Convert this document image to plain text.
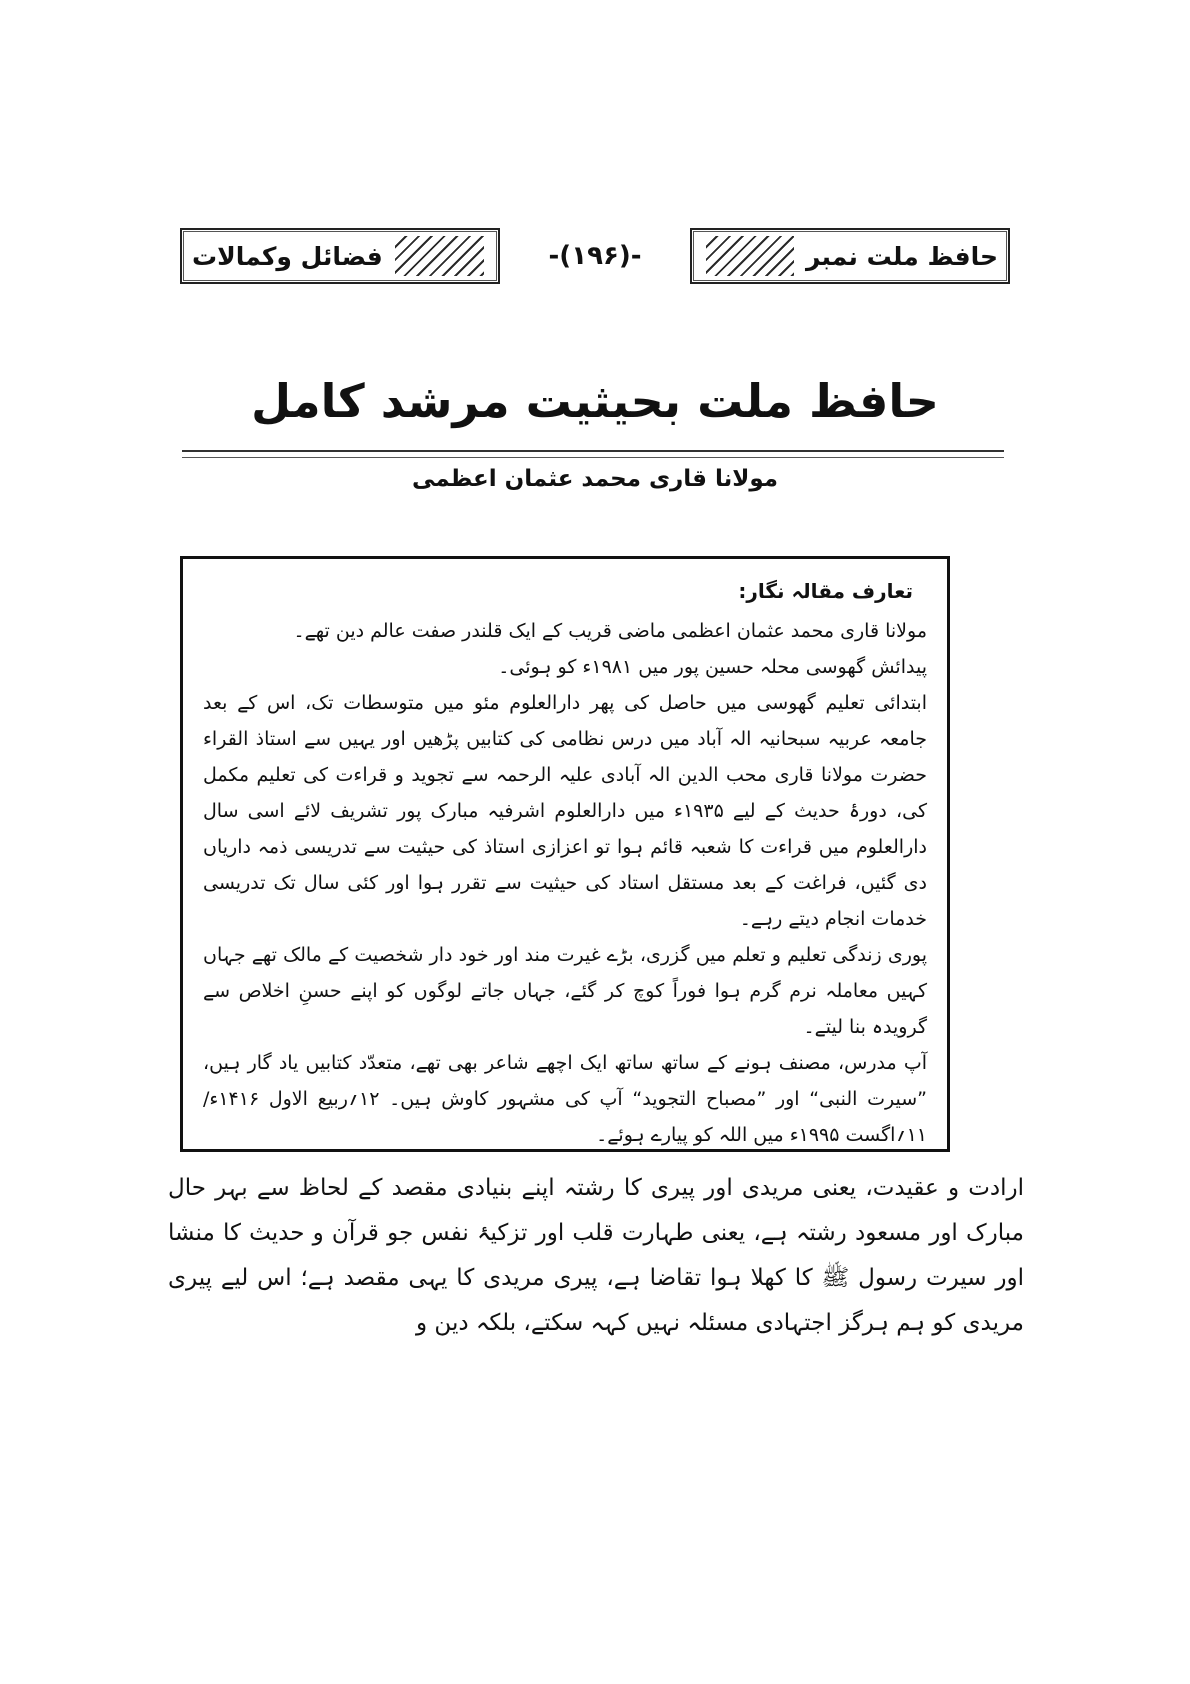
حافظ ملت نمبر
-(۱۹۶)-
فضائل وکمالات
حافظ ملت بحیثیت مرشد کامل
مولانا قاری محمد عثمان اعظمی
تعارف مقالہ نگار:

مولانا قاری محمد عثمان اعظمی ماضی قریب کے ایک قلندر صفت عالم دین تھے۔

پیدائش گھوسی محلہ حسین پور میں ۱۹۸۱ء کو ہوئی۔

ابتدائی تعلیم گھوسی میں حاصل کی پھر دارالعلوم مئو میں متوسطات تک، اس کے بعد جامعہ عربیہ سبحانیہ الہ آباد میں درس نظامی کی کتابیں پڑھیں اور یہیں سے استاذ القراء حضرت مولانا قاری محب الدین الہ آبادی علیہ الرحمہ سے تجوید و قراءت کی تعلیم مکمل کی، دورۂ حدیث کے لیے ۱۹۳۵ء میں دارالعلوم اشرفیہ مبارک پور تشریف لائے اسی سال دارالعلوم میں قراءت کا شعبہ قائم ہوا تو اعزازی استاذ کی حیثیت سے تدریسی ذمہ داریاں دی گئیں، فراغت کے بعد مستقل استاد کی حیثیت سے تقرر ہوا اور کئی سال تک تدریسی خدمات انجام دیتے رہے۔

پوری زندگی تعلیم و تعلم میں گزری، بڑے غیرت مند اور خود دار شخصیت کے مالک تھے جہاں کہیں معاملہ نرم گرم ہوا فوراً کوچ کر گئے، جہاں جاتے لوگوں کو اپنے حسنِ اخلاص سے گرویدہ بنا لیتے۔

آپ مدرس، مصنف ہونے کے ساتھ ساتھ ایک اچھے شاعر بھی تھے، متعدّد کتابیں یاد گار ہیں، ”سیرت النبی“ اور ”مصباح التجوید“ آپ کی مشہور کاوش ہیں۔ ۱۲؍ربیع الاول ۱۴۱۶ء/۱۱؍اگست ۱۹۹۵ء میں اللہ کو پیارے ہوئے۔

ارادت و عقیدت، یعنی مریدی اور پیری کا رشتہ اپنے بنیادی مقصد کے لحاظ سے بہر حال مبارک اور مسعود رشتہ ہے، یعنی طہارت قلب اور تزکیۂ نفس جو قرآن و حدیث کا منشا اور سیرت رسول ﷺ کا کھلا ہوا تقاضا ہے، پیری مریدی کا یہی مقصد ہے؛ اس لیے پیری مریدی کو ہم ہرگز اجتہادی مسئلہ نہیں کہہ سکتے، بلکہ دین و
